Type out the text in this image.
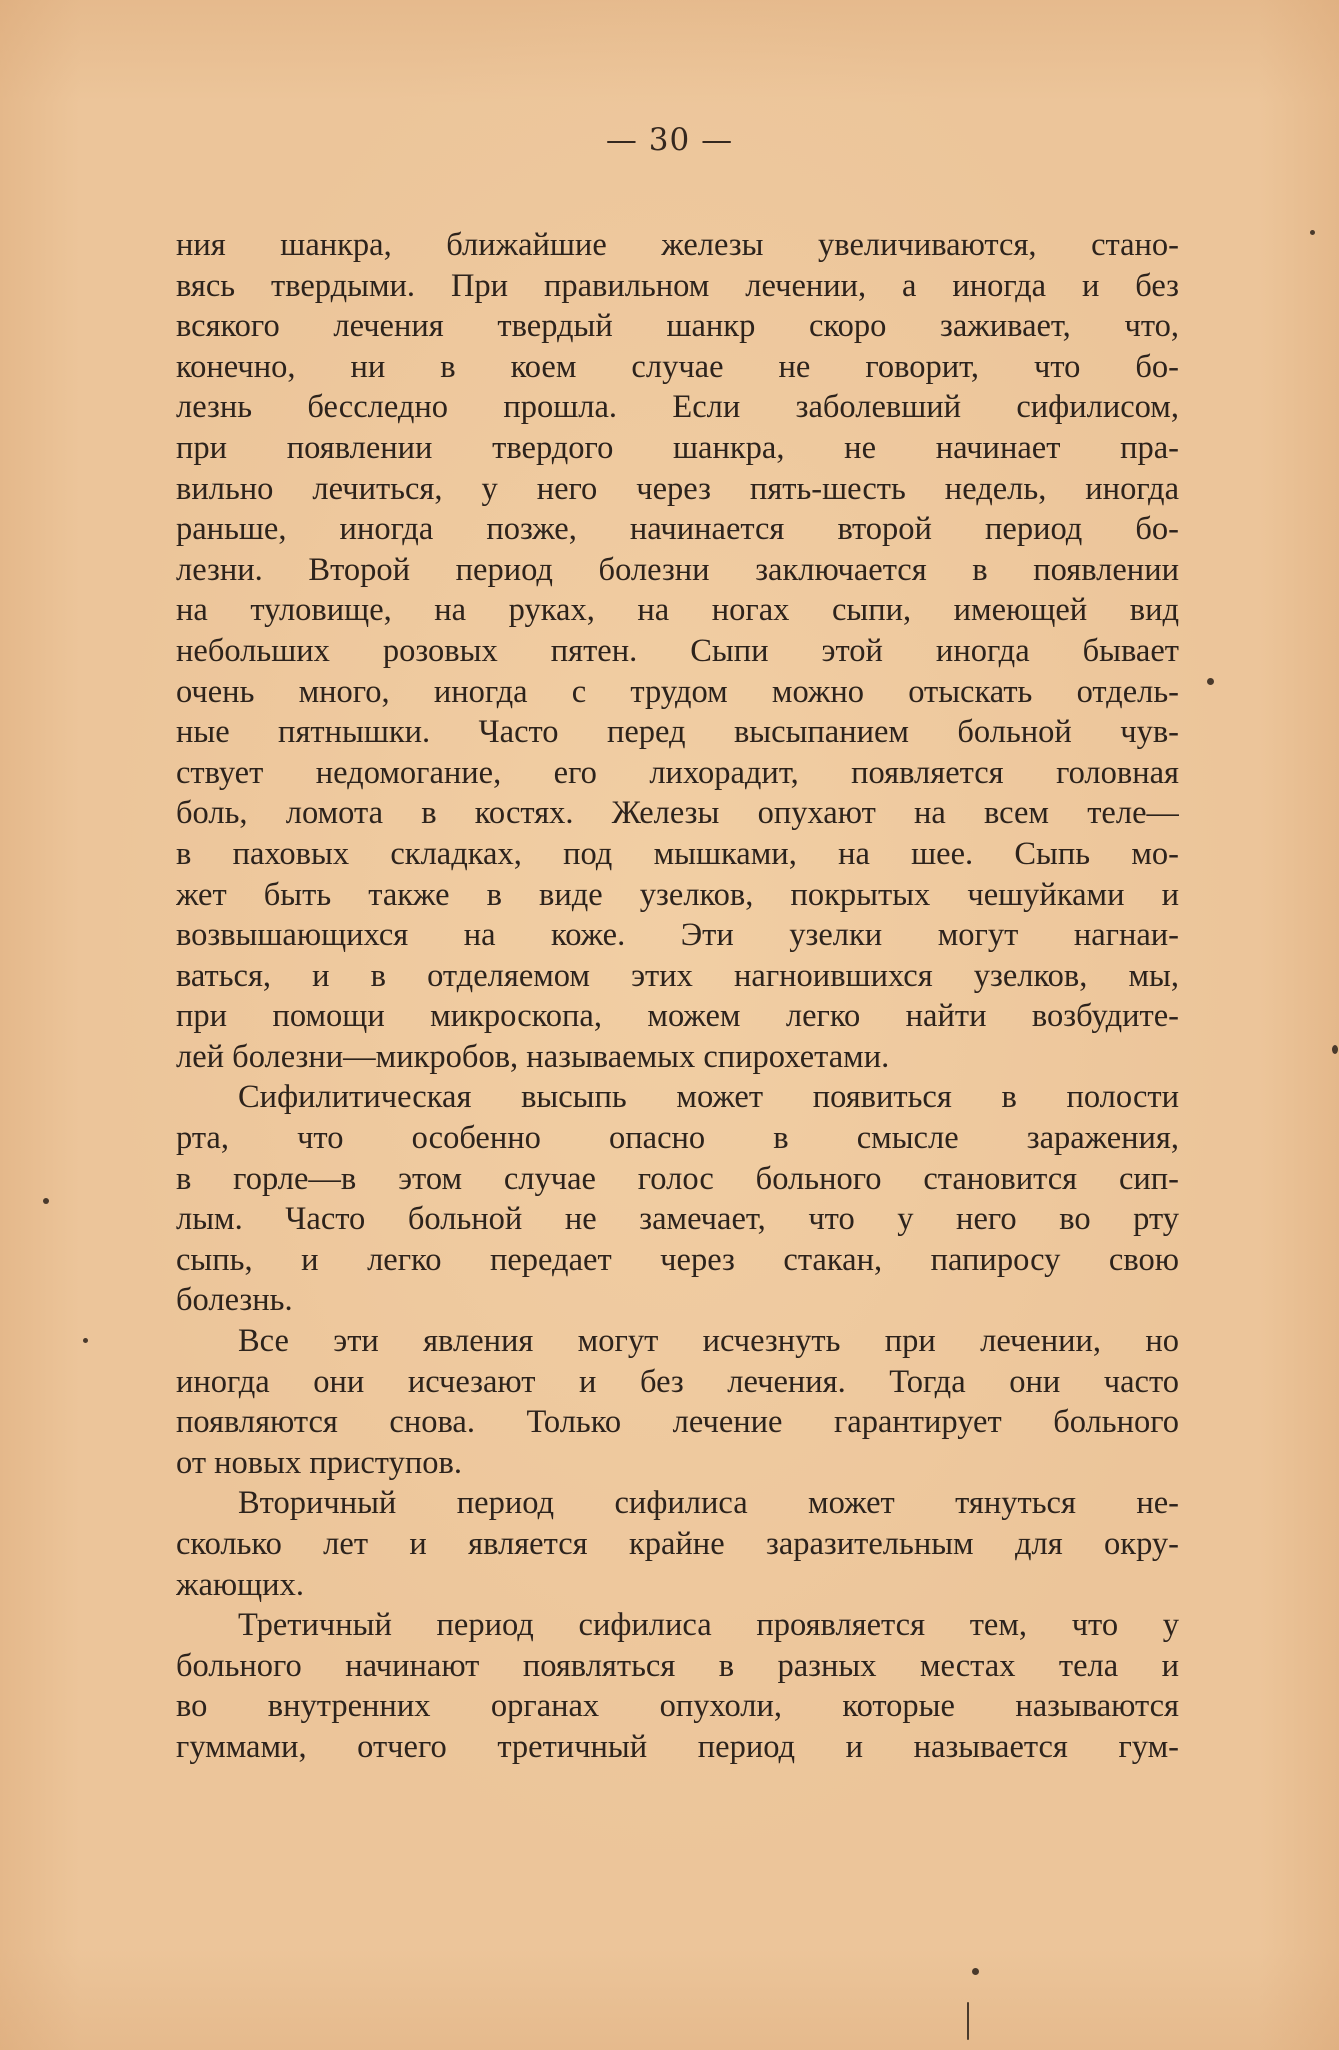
— 30 —
ния шанкра, ближайшие железы увеличиваются, стано-
вясь твердыми. При правильном лечении, а иногда и без
всякого лечения твердый шанкр скоро заживает, что,
конечно, ни в коем случае не говорит, что бо-
лезнь бесследно прошла. Если заболевший сифилисом,
при появлении твердого шанкра, не начинает пра-
вильно лечиться, у него через пять-шесть недель, иногда
раньше, иногда позже, начинается второй период бо-
лезни. Второй период болезни заключается в появлении
на туловище, на руках, на ногах сыпи, имеющей вид
небольших розовых пятен. Сыпи этой иногда бывает
очень много, иногда с трудом можно отыскать отдель-
ные пятнышки. Часто перед высыпанием больной чув-
ствует недомогание, его лихорадит, появляется головная
боль, ломота в костях. Железы опухают на всем теле—
в паховых складках, под мышками, на шее. Сыпь мо-
жет быть также в виде узелков, покрытых чешуйками и
возвышающихся на коже. Эти узелки могут нагнаи-
ваться, и в отделяемом этих нагноившихся узелков, мы,
при помощи микроскопа, можем легко найти возбудите-
лей болезни—микробов, называемых спирохетами.
Сифилитическая высыпь может появиться в полости
рта, что особенно опасно в смысле заражения,
в горле—в этом случае голос больного становится сип-
лым. Часто больной не замечает, что у него во рту
сыпь, и легко передает через стакан, папиросу свою
болезнь.
Все эти явления могут исчезнуть при лечении, но
иногда они исчезают и без лечения. Тогда они часто
появляются снова. Только лечение гарантирует больного
от новых приступов.
Вторичный период сифилиса может тянуться не-
сколько лет и является крайне заразительным для окру-
жающих.
Третичный период сифилиса проявляется тем, что у
больного начинают появляться в разных местах тела и
во внутренних органах опухоли, которые называются
гуммами, отчего третичный период и называется гум-
